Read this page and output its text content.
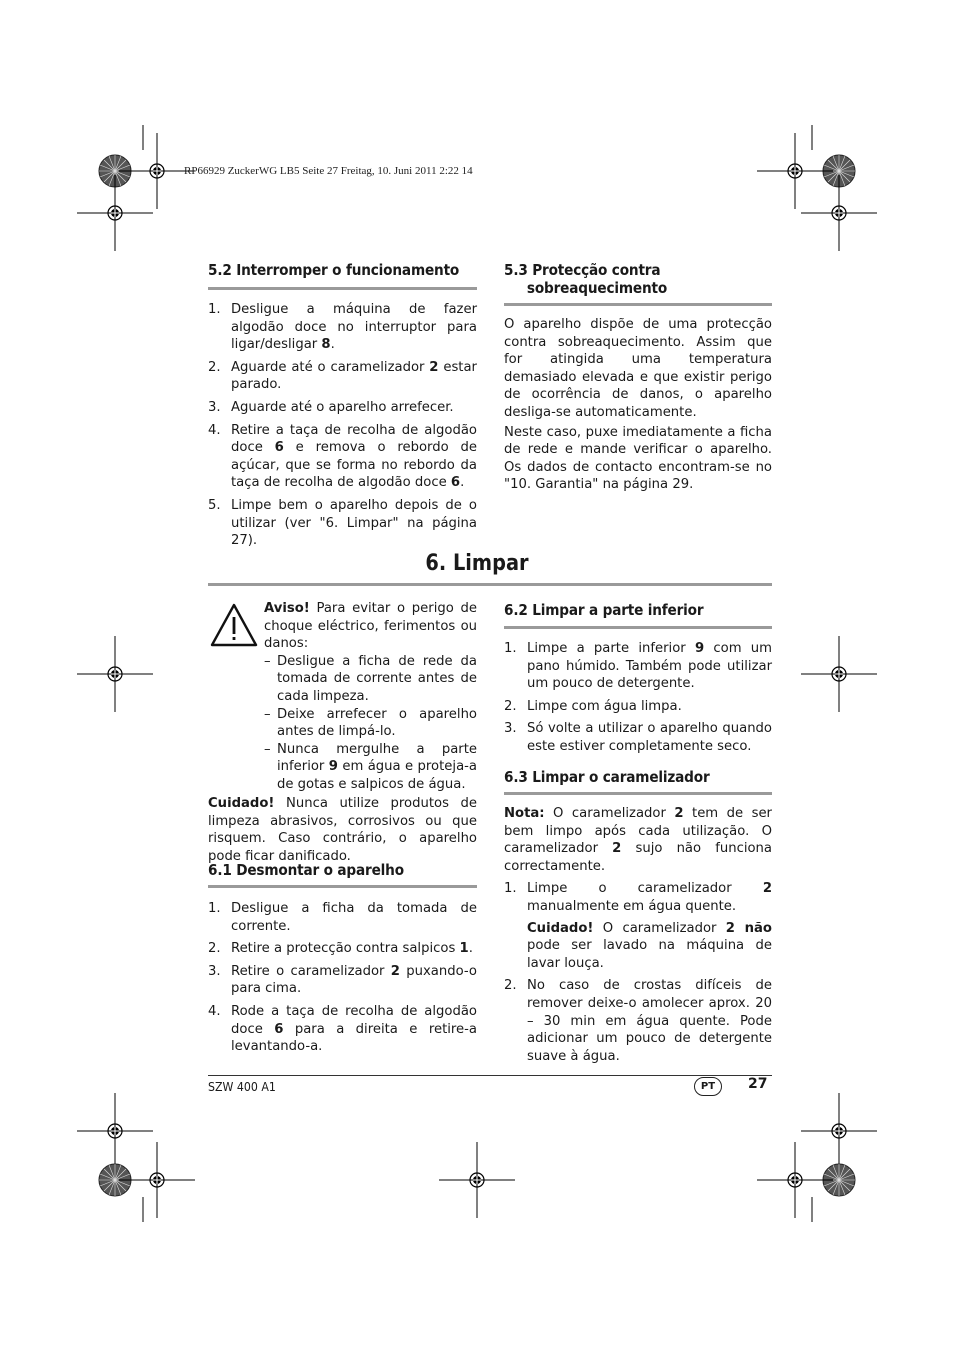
RP66929 ZuckerWG LB5 Seite 27 Freitag, 10. Juni 2011 2:22 14
5.2 Interromper o funcionamento
1. Desligue a máquina de fazer algodão doce no interruptor para ligar/desligar 8.
2. Aguarde até o caramelizador 2 estar parado.
3. Aguarde até o aparelho arrefecer.
4. Retire a taça de recolha de algodão doce 6 e remova o rebordo de açúcar, que se forma no rebordo da taça de recolha de algodão doce 6.
5. Limpe bem o aparelho depois de o utilizar (ver "6. Limpar" na página 27).
5.3 Protecção contra
sobreaquecimento
O aparelho dispõe de uma protecção contra sobreaquecimento. Assim que for atingida uma temperatura demasiado elevada e que existir perigo de ocorrência de danos, o aparelho desliga-se automaticamente.
Neste caso, puxe imediatamente a ficha de rede e mande verificar o aparelho. Os dados de contacto encontram-se no "10. Garantia" na página 29.
6. Limpar
Aviso! Para evitar o perigo de choque eléctrico, ferimentos ou danos:
– Desligue a ficha de rede da tomada de corrente antes de cada limpeza.
– Deixe arrefecer o aparelho antes de limpá-lo.
– Nunca mergulhe a parte inferior 9 em água e proteja-a de gotas e salpicos de água.
Cuidado! Nunca utilize produtos de limpeza abrasivos, corrosivos ou que risquem. Caso contrário, o aparelho pode ficar danificado.
6.1 Desmontar o aparelho
1. Desligue a ficha da tomada de corrente.
2. Retire a protecção contra salpicos 1.
3. Retire o caramelizador 2 puxando-o para cima.
4. Rode a taça de recolha de algodão doce 6 para a direita e retire-a levantando-a.
6.2 Limpar a parte inferior
1. Limpe a parte inferior 9 com um pano húmido. Também pode utilizar um pouco de detergente.
2. Limpe com água limpa.
3. Só volte a utilizar o aparelho quando este estiver completamente seco.
6.3 Limpar o caramelizador
Nota: O caramelizador 2 tem de ser bem limpo após cada utilização. O caramelizador 2 sujo não funciona correctamente.
1. Limpe o caramelizador 2 manualmente em água quente.
Cuidado! O caramelizador 2 não pode ser lavado na máquina de lavar louça.
2. No caso de crostas difíceis de remover deixe-o amolecer aprox. 20 – 30 min em água quente. Pode adicionar um pouco de detergente suave à água.
SZW 400 A1	PT	27
